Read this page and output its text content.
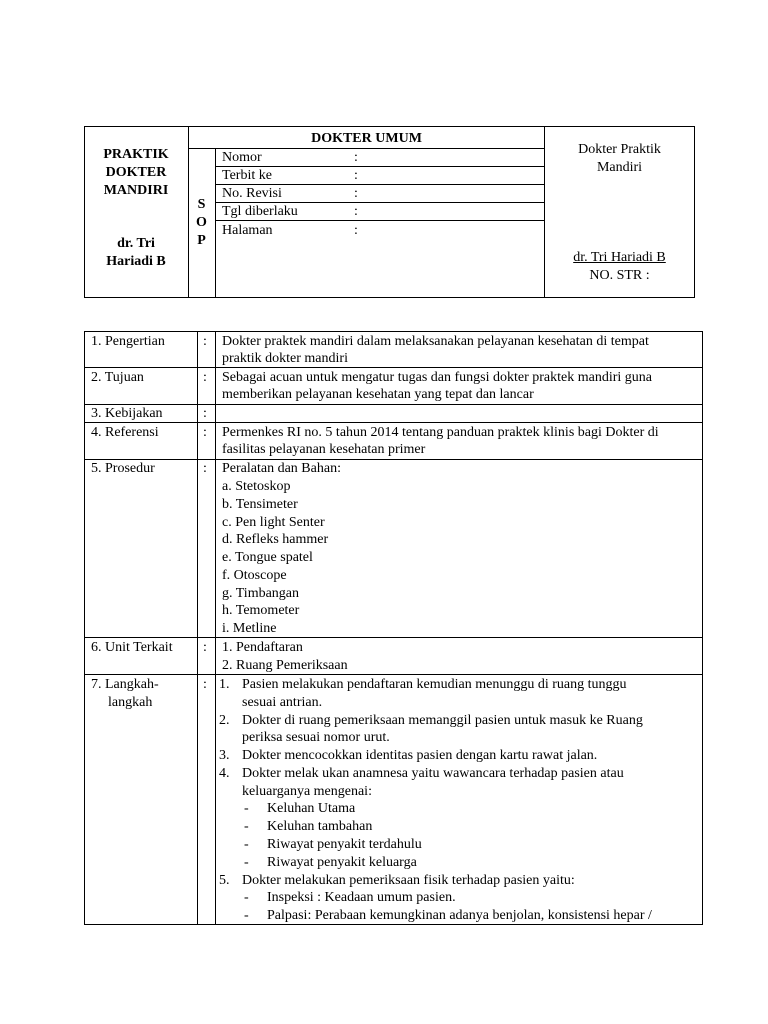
PRAKTIK
DOKTER
MANDIRI
dr. Tri
Hariadi B
DOKTER UMUM
S
O
P
Nomor	:
Terbit ke	:
No. Revisi	:
Tgl diberlaku	:
Halaman	:
Dokter Praktik
Mandiri
dr. Tri Hariadi B
NO. STR :
1. Pengertian	: Dokter praktek mandiri dalam melaksanakan pelayanan kesehatan di tempat
praktik dokter mandiri
2. Tujuan	: Sebagai acuan untuk mengatur tugas dan fungsi dokter praktek mandiri guna
memberikan pelayanan kesehatan yang tepat dan lancar
3. Kebijakan	:
4. Referensi	: Permenkes RI no. 5 tahun 2014 tentang panduan praktek klinis bagi Dokter di
fasilitas pelayanan kesehatan primer
5. Prosedur	: Peralatan dan Bahan:
a. Stetoskop
b. Tensimeter
c. Pen light Senter
d. Refleks hammer
e. Tongue spatel
f. Otoscope
g. Timbangan
h. Temometer
i. Metline
6. Unit Terkait : 1. Pendaftaran
2. Ruang Pemeriksaan
7. Langkah-
langkah
: 1. Pasien melakukan pendaftaran kemudian menunggu di ruang tunggu
sesuai antrian.
2. Dokter di ruang pemeriksaan memanggil pasien untuk masuk ke Ruang
periksa sesuai nomor urut.
3. Dokter mencocokkan identitas pasien dengan kartu rawat jalan.
4. Dokter melak ukan anamnesa yaitu wawancara terhadap pasien atau
keluarganya mengenai:
- Keluhan Utama
- Keluhan tambahan
- Riwayat penyakit terdahulu
- Riwayat penyakit keluarga
5. Dokter melakukan pemeriksaan fisik terhadap pasien yaitu:
- Inspeksi : Keadaan umum pasien.
- Palpasi: Perabaan kemungkinan adanya benjolan, konsistensi hepar /
